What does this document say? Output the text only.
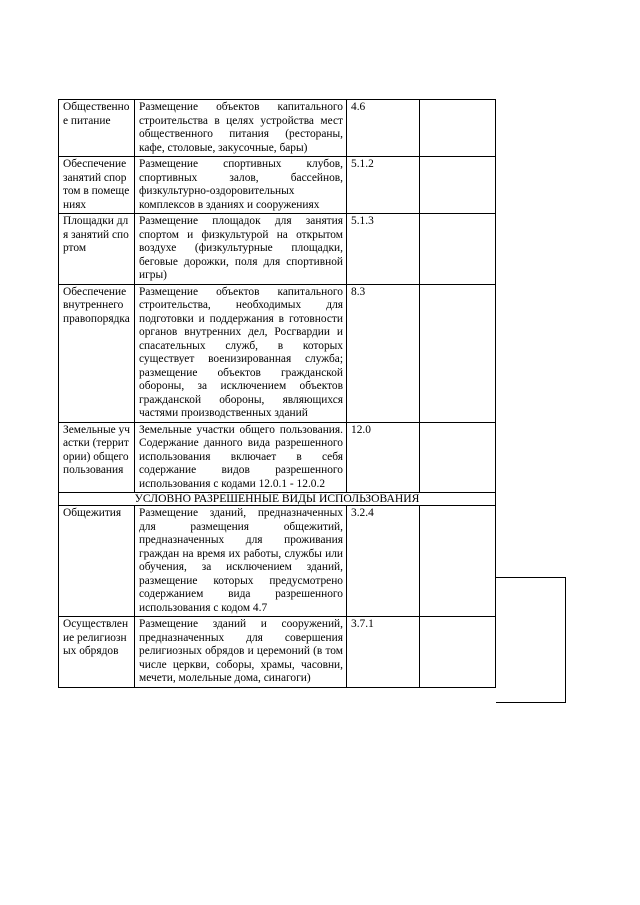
Общественное питание	Размещение объектов капитального строительства в целях устройства мест общественного питания (рестораны, кафе, столовые, закусочные, бары)	4.6	
Обеспечение занятий спортом в помещениях	Размещение спортивных клубов, спортивных залов, бассейнов, физкультурно-оздоровительных комплексов в зданиях и сооружениях	5.1.2	
Площадки для занятий спортом	Размещение площадок для занятия спортом и физкультурой на открытом воздухе (физкультурные площадки, беговые дорожки, поля для спортивной игры)	5.1.3	
Обеспечение внутреннего правопорядка	Размещение объектов капитального строительства, необходимых для подготовки и поддержания в готовности органов внутренних дел, Росгвардии и спасательных служб, в которых существует военизированная служба; размещение объектов гражданской обороны, за исключением объектов гражданской обороны, являющихся частями производственных зданий	8.3	
Земельные участки (территории) общего пользования	Земельные участки общего пользования. Содержание данного вида разрешенного использования включает в себя содержание видов разрешенного использования с кодами 12.0.1 - 12.0.2	12.0	
УСЛОВНО РАЗРЕШЕННЫЕ ВИДЫ ИСПОЛЬЗОВАНИЯ			
Общежития	Размещение зданий, предназначенных для размещения общежитий, предназначенных для проживания граждан на время их работы, службы или обучения, за исключением зданий, размещение которых предусмотрено содержанием вида разрешенного использования с кодом 4.7	3.2.4	
Осуществление религиозных обрядов	Размещение зданий и сооружений, предназначенных для совершения религиозных обрядов и церемоний (в том числе церкви, соборы, храмы, часовни, мечети, молельные дома, синагоги)	3.7.1	
